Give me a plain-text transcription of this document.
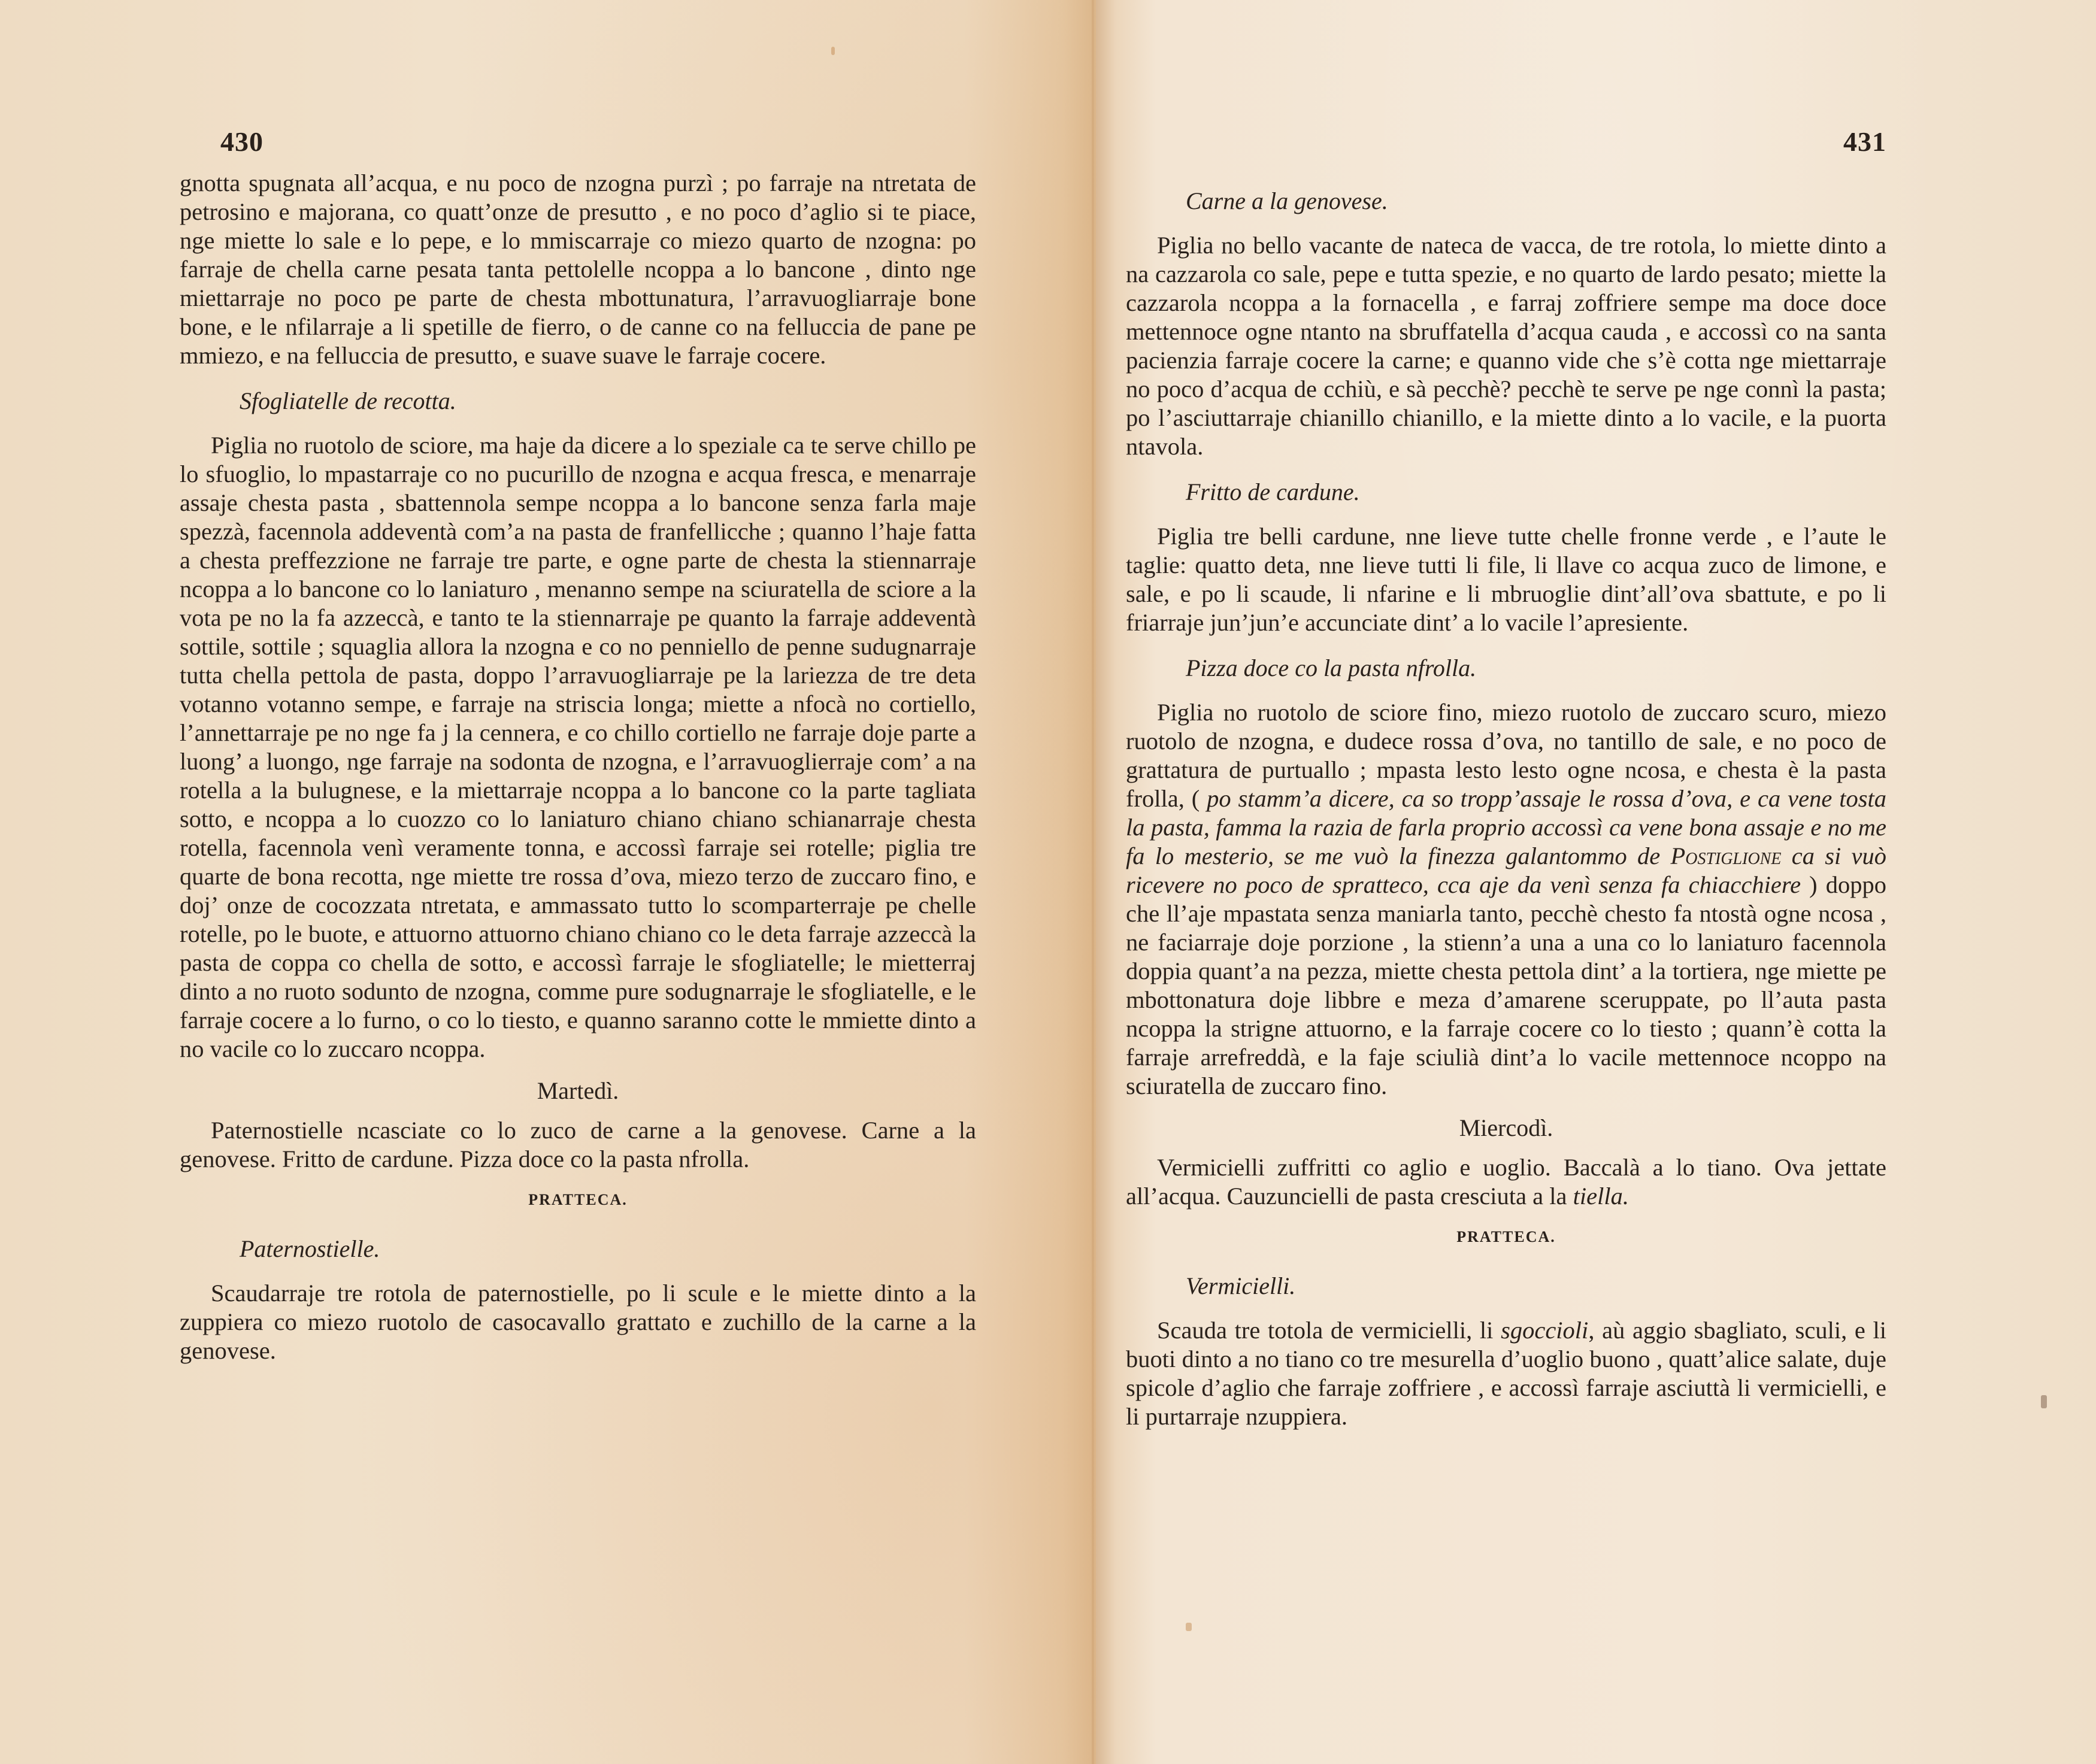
430

gnotta spugnata all’acqua, e nu poco de nzogna purzì ; po farraje na ntretata de petrosino e majorana, co quatt’onze de presutto , e no poco d’aglio si te piace, nge miette lo sale e lo pepe, e lo mmiscarraje co miezo quarto de nzogna: po farraje de chella carne pesata tanta pettolelle ncoppa a lo bancone , dinto nge miettarraje no poco pe parte de chesta mbottunatura, l’arravuogliarraje bone bone, e le nfilarraje a li spetille de fierro, o de canne co na felluccia de pane pe mmiezo, e na felluccia de presutto, e suave suave le farraje cocere.

Sfogliatelle de recotta.

Piglia no ruotolo de sciore, ma haje da dicere a lo speziale ca te serve chillo pe lo sfuoglio, lo mpastarraje co no pucurillo de nzogna e acqua fresca, e menarraje assaje chesta pasta , sbattennola sempe ncoppa a lo bancone senza farla maje spezzà, facennola addeventà com’a na pasta de franfellicche ; quanno l’haje fatta a chesta preffezzione ne farraje tre parte, e ogne parte de chesta la stiennarraje ncoppa a lo bancone co lo laniaturo , menanno sempe na sciuratella de sciore a la vota pe no la fa azzeccà, e tanto te la stiennarraje pe quanto la farraje addeventà sottile, sottile ; squaglia allora la nzogna e co no penniello de penne sudugnarraje tutta chella pettola de pasta, doppo l’arravuogliarraje pe la lariezza de tre deta votanno votanno sempe, e farraje na striscia longa; miette a nfocà no cortiello, l’annettarraje pe no nge fa j la cennera, e co chillo cortiello ne farraje doje parte a luong’ a luongo, nge farraje na sodonta de nzogna, e l’arravuoglierraje com’ a na rotella a la bulugnese, e la miettarraje ncoppa a lo bancone co la parte tagliata sotto, e ncoppa a lo cuozzo co lo laniaturo chiano chiano schianarraje chesta rotella, facennola venì veramente tonna, e accossì farraje sei rotelle; piglia tre quarte de bona recotta, nge miette tre rossa d’ova, miezo terzo de zuccaro fino, e doj’ onze de cocozzata ntretata, e ammassato tutto lo scomparterraje pe chelle rotelle, po le buote, e attuorno attuorno chiano chiano co le deta farraje azzeccà la pasta de coppa co chella de sotto, e accossì farraje le sfogliatelle; le mietterraj dinto a no ruoto sodunto de nzogna, comme pure sodugnarraje le sfogliatelle, e le farraje cocere a lo furno, o co lo tiesto, e quanno saranno cotte le mmiette dinto a no vacile co lo zuccaro ncoppa.

Martedì.

Paternostielle ncasciate co lo zuco de carne a la genovese. Carne a la genovese. Fritto de cardune. Pizza doce co la pasta nfrolla.

PRATTECA.
Paternostielle.

Scaudarraje tre rotola de paternostielle, po li scule e le miette dinto a la zuppiera co miezo ruotolo de casocavallo grattato e zuchillo de la carne a la genovese.

431
Carne a la genovese.

Piglia no bello vacante de nateca de vacca, de tre rotola, lo miette dinto a na cazzarola co sale, pepe e tutta spezie, e no quarto de lardo pesato; miette la cazzarola ncoppa a la fornacella , e farraj zoffriere sempe ma doce doce mettennoce ogne ntanto na sbruffatella d’acqua cauda , e accossì co na santa pacienzia farraje cocere la carne; e quanno vide che s’è cotta nge miettarraje no poco d’acqua de cchiù, e sà pecchè? pecchè te serve pe nge connì la pasta; po l’asciuttarraje chianillo chianillo, e la miette dinto a lo vacile, e la puorta ntavola.

Fritto de cardune.

Piglia tre belli cardune, nne lieve tutte chelle fronne verde , e l’aute le taglie: quatto deta, nne lieve tutti li file, li llave co acqua zuco de limone, e sale, e po li scaude, li nfarine e li mbruoglie dint’all’ova sbattute, e po li friarraje jun’jun’e accunciate dint’ a lo vacile l’apresiente.

Pizza doce co la pasta nfrolla.

Piglia no ruotolo de sciore fino, miezo ruotolo de zuccaro scuro, miezo ruotolo de nzogna, e dudece rossa d’ova, no tantillo de sale, e no poco de grattatura de purtuallo ; mpasta lesto lesto ogne ncosa, e chesta è la pasta frolla, ( po stamm’a dicere, ca so tropp’assaje le rossa d’ova, e ca vene tosta la pasta, famma la razia de farla proprio accossì ca vene bona assaje e no me fa lo mesterio, se me vuò la finezza galantommo de Postiglione ca si vuò ricevere no poco de spratteco, cca aje da venì senza fa chiacchiere ) doppo che ll’aje mpastata senza maniarla tanto, pecchè chesto fa ntostà ogne ncosa , ne faciarraje doje porzione , la stienn’a una a una co lo laniaturo facennola doppia quant’a na pezza, miette chesta pettola dint’ a la tortiera, nge miette pe mbottonatura doje libbre e meza d’amarene sceruppate, po ll’auta pasta ncoppa la strigne attuorno, e la farraje cocere co lo tiesto ; quann’è cotta la farraje arrefreddà, e la faje sciulià dint’a lo vacile mettennoce ncoppo na sciuratella de zuccaro fino.

Miercodì.

Vermicielli zuffritti co aglio e uoglio. Baccalà a lo tiano. Ova jettate all’acqua. Cauzuncielli de pasta cresciuta a la tiella.

PRATTECA.
Vermicielli.

Scauda tre totola de vermicielli, li sgoccioli, aù aggio sbagliato, sculi, e li buoti dinto a no tiano co tre mesurella d’uoglio buono , quatt’alice salate, duje spicole d’aglio che farraje zoffriere , e accossì farraje asciuttà li vermicielli, e li purtarraje nzuppiera.
